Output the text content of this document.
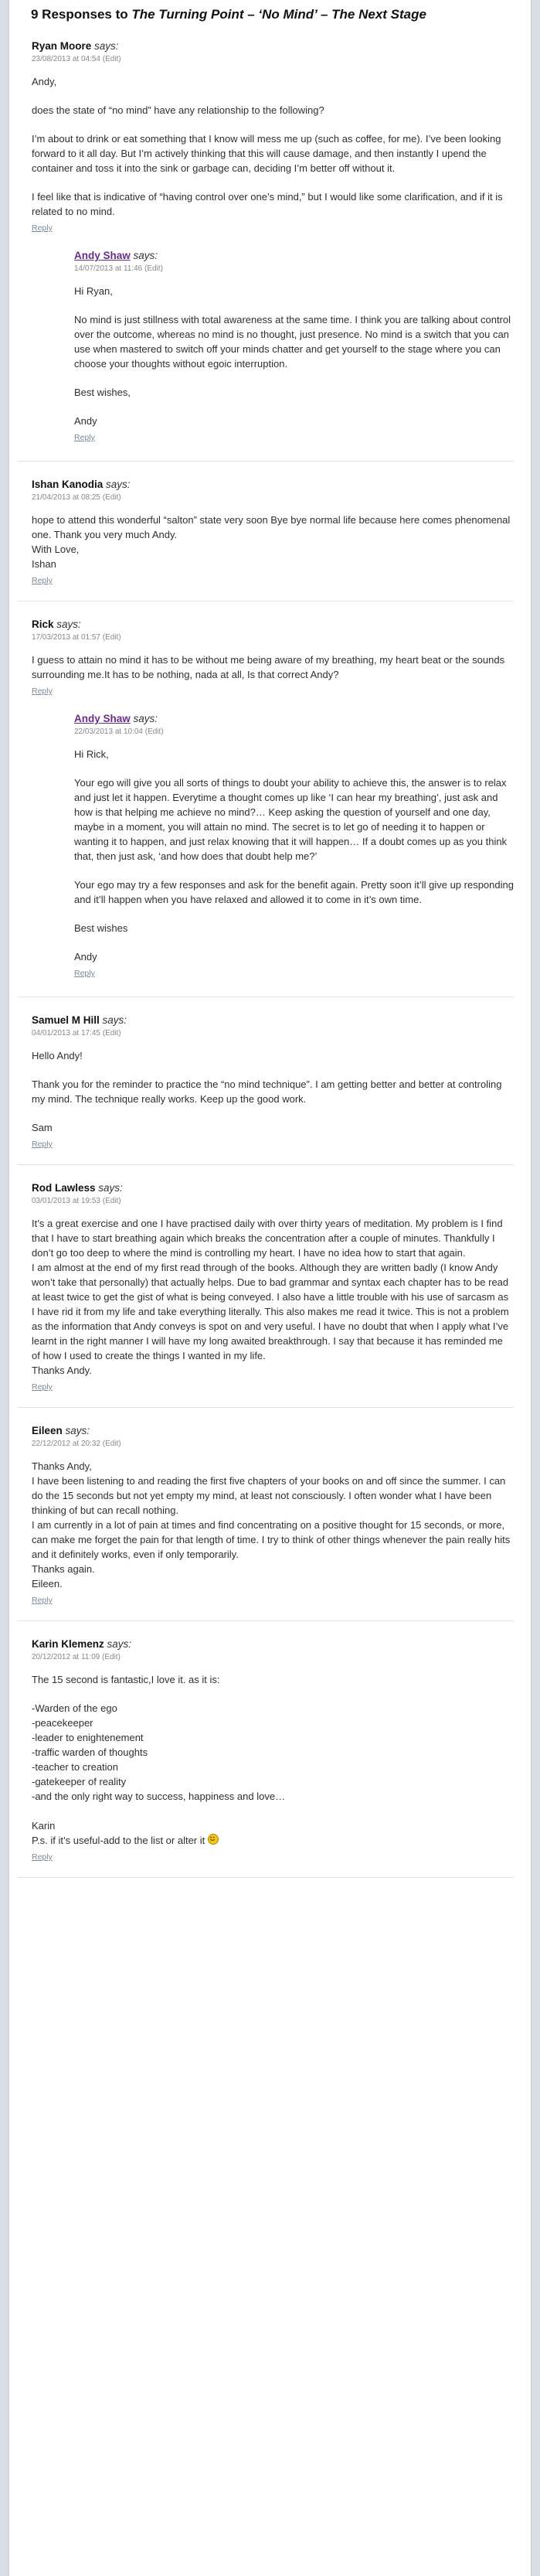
9 Responses to The Turning Point – ‘No Mind’ – The Next Stage
Ryan Moore says:
23/08/2013 at 04:54 (Edit)

Andy,

does the state of “no mind” have any relationship to the following?

I’m about to drink or eat something that I know will mess me up (such as coffee, for me). I’ve been looking forward to it all day. But I’m actively thinking that this will cause damage, and then instantly I upend the container and toss it into the sink or garbage can, deciding I’m better off without it.

I feel like that is indicative of “having control over one’s mind,” but I would like some clarification, and if it is related to no mind.

Reply
Andy Shaw says:
14/07/2013 at 11:46 (Edit)

Hi Ryan,

No mind is just stillness with total awareness at the same time. I think you are talking about control over the outcome, whereas no mind is no thought, just presence. No mind is a switch that you can use when mastered to switch off your minds chatter and get yourself to the stage where you can choose your thoughts without egoic interruption.

Best wishes,

Andy

Reply
Ishan Kanodia says:
21/04/2013 at 08:25 (Edit)
hope to attend this wonderful “salton” state very soon Bye bye normal life because here comes phenomenal one. Thank you very much Andy.
With Love,
Ishan
Reply
Rick says:
17/03/2013 at 01:57 (Edit)

I guess to attain no mind it has to be without me being aware of my breathing, my heart beat or the sounds surrounding me.It has to be nothing, nada at all, Is that correct Andy?

Reply
Andy Shaw says:
22/03/2013 at 10:04 (Edit)

Hi Rick,

Your ego will give you all sorts of things to doubt your ability to achieve this, the answer is to relax and just let it happen. Everytime a thought comes up like ‘I can hear my breathing’, just ask and how is that helping me achieve no mind?… Keep asking the question of yourself and one day, maybe in a moment, you will attain no mind. The secret is to let go of needing it to happen or wanting it to happen, and just relax knowing that it will happen… If a doubt comes up as you think that, then just ask, ‘and how does that doubt help me?’

Your ego may try a few responses and ask for the benefit again. Pretty soon it’ll give up responding and it’ll happen when you have relaxed and allowed it to come in it’s own time.

Best wishes

Andy

Reply
Samuel M Hill says:
04/01/2013 at 17:45 (Edit)

Hello Andy!

Thank you for the reminder to practice the “no mind technique”. I am getting better and better at controling my mind. The technique really works. Keep up the good work.

Sam

Reply
Rod Lawless says:
03/01/2013 at 19:53 (Edit)
It’s a great exercise and one I have practised daily with over thirty years of meditation. My problem is I find that I have to start breathing again which breaks the concentration after a couple of minutes. Thankfully I don’t go too deep to where the mind is controlling my heart. I have no idea how to start that again.
I am almost at the end of my first read through of the books. Although they are written badly (I know Andy won’t take that personally) that actually helps. Due to bad grammar and syntax each chapter has to be read at least twice to get the gist of what is being conveyed. I also have a little trouble with his use of sarcasm as I have rid it from my life and take everything literally. This also makes me read it twice. This is not a problem as the information that Andy conveys is spot on and very useful. I have no doubt that when I apply what I’ve learnt in the right manner I will have my long awaited breakthrough. I say that because it has reminded me of how I used to create the things I wanted in my life.
Thanks Andy.
Reply
Eileen says:
22/12/2012 at 20:32 (Edit)
Thanks Andy,
I have been listening to and reading the first five chapters of your books on and off since the summer. I can do the 15 seconds but not yet empty my mind, at least not consciously. I often wonder what I have been thinking of but can recall nothing.
I am currently in a lot of pain at times and find concentrating on a positive thought for 15 seconds, or more, can make me forget the pain for that length of time. I try to think of other things whenever the pain really hits and it definitely works, even if only temporarily.
Thanks again.
Eileen.
Reply
Karin Klemenz says:
20/12/2012 at 11:09 (Edit)

The 15 second is fantastic,I love it. as it is:

-Warden of the ego
-peacekeeper
-leader to enightenement
-traffic warden of thoughts
-teacher to creation
-gatekeeper of reality
-and the only right way to success, happiness and love…
Karin
P.s. if it’s useful-add to the list or alter it
Reply
